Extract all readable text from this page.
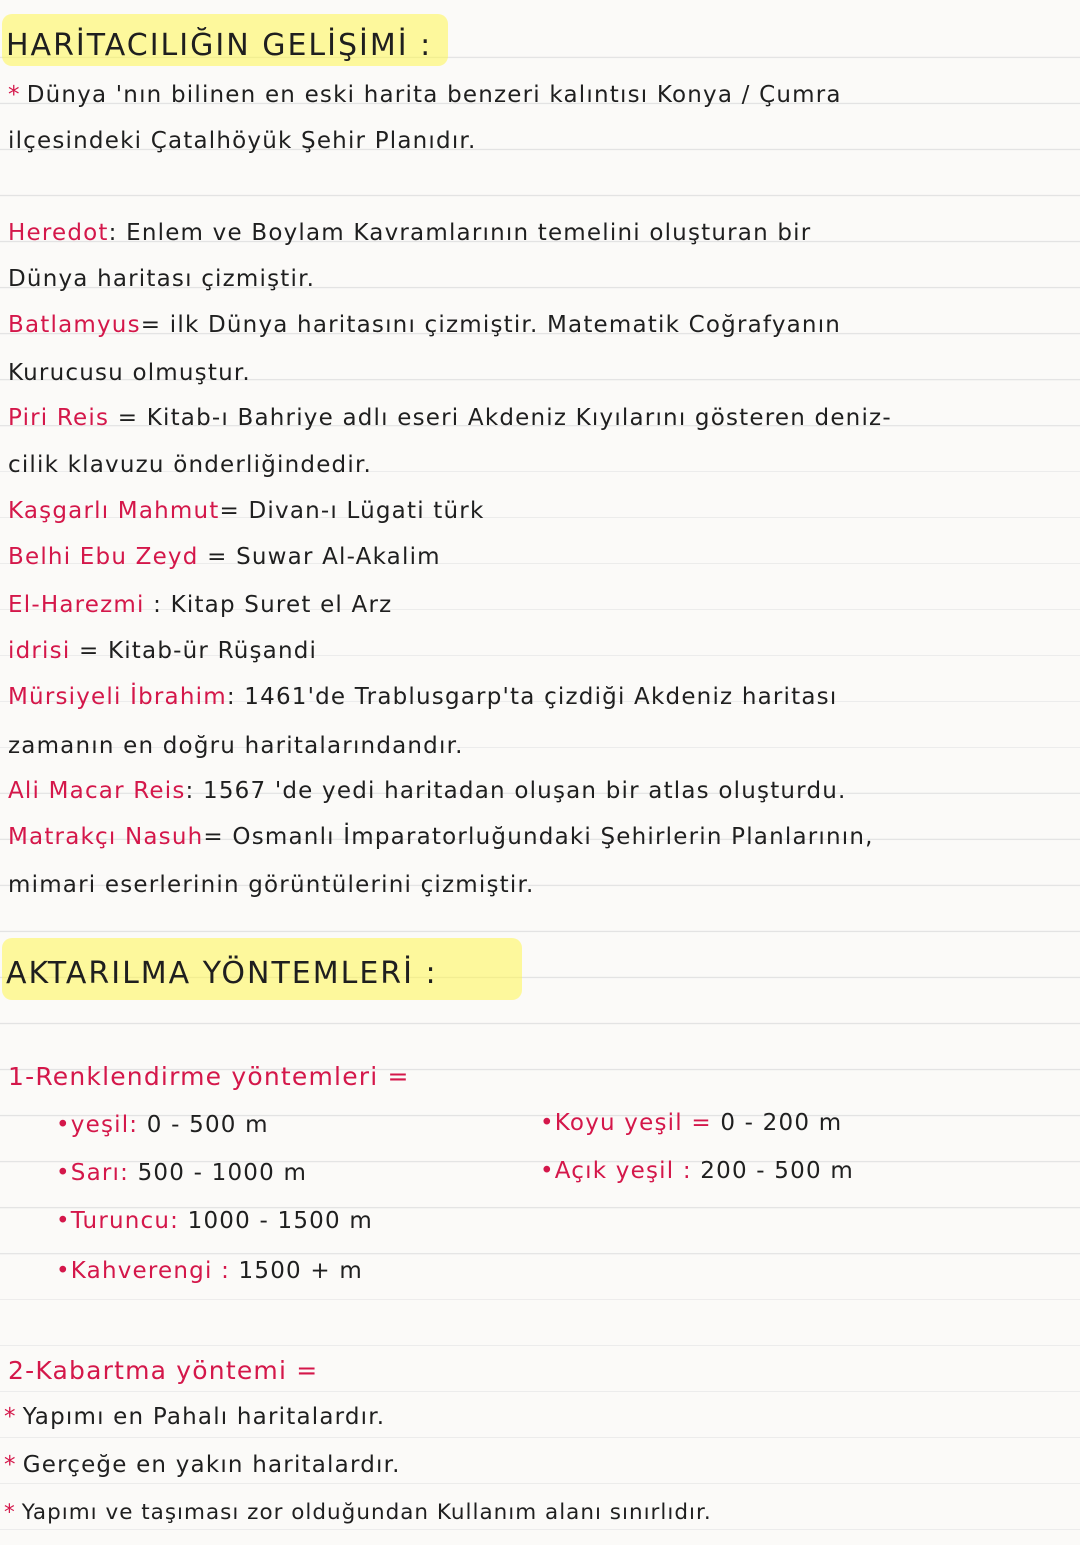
HARİTACILIĞIN GELİŞİMİ :
* Dünya 'nın bilinen en eski harita benzeri kalıntısı Konya / Çumra
ilçesindeki Çatalhöyük Şehir Planıdır.
Heredot: Enlem ve Boylam Kavramlarının temelini oluşturan bir
Dünya haritası çizmiştir.
Batlamyus= ilk Dünya haritasını çizmiştir. Matematik Coğrafyanın
Kurucusu olmuştur.
Piri Reis = Kitab-ı Bahriye adlı eseri Akdeniz Kıyılarını gösteren deniz-
cilik klavuzu önderliğindedir.
Kaşgarlı Mahmut= Divan-ı Lügati türk
Belhi Ebu Zeyd = Suwar Al-Akalim
El-Harezmi : Kitap Suret el Arz
idrisi = Kitab-ür Rüşandi
Mürsiyeli İbrahim: 1461'de Trablusgarp'ta çizdiği Akdeniz haritası
zamanın en doğru haritalarındandır.
Ali Macar Reis: 1567 'de yedi haritadan oluşan bir atlas oluşturdu.
Matrakçı Nasuh= Osmanlı İmparatorluğundaki Şehirlerin Planlarının,
mimari eserlerinin görüntülerini çizmiştir.
AKTARILMA YÖNTEMLERİ :
1-Renklendirme yöntemleri =
•yeşil: 0 - 500 m
•Sarı: 500 - 1000 m
•Turuncu: 1000 - 1500 m
•Kahverengi : 1500 + m
•Koyu yeşil = 0 - 200 m
•Açık yeşil : 200 - 500 m
2-Kabartma yöntemi =
* Yapımı en Pahalı haritalardır.
* Gerçeğe en yakın haritalardır.
* Yapımı ve taşıması zor olduğundan Kullanım alanı sınırlıdır.
